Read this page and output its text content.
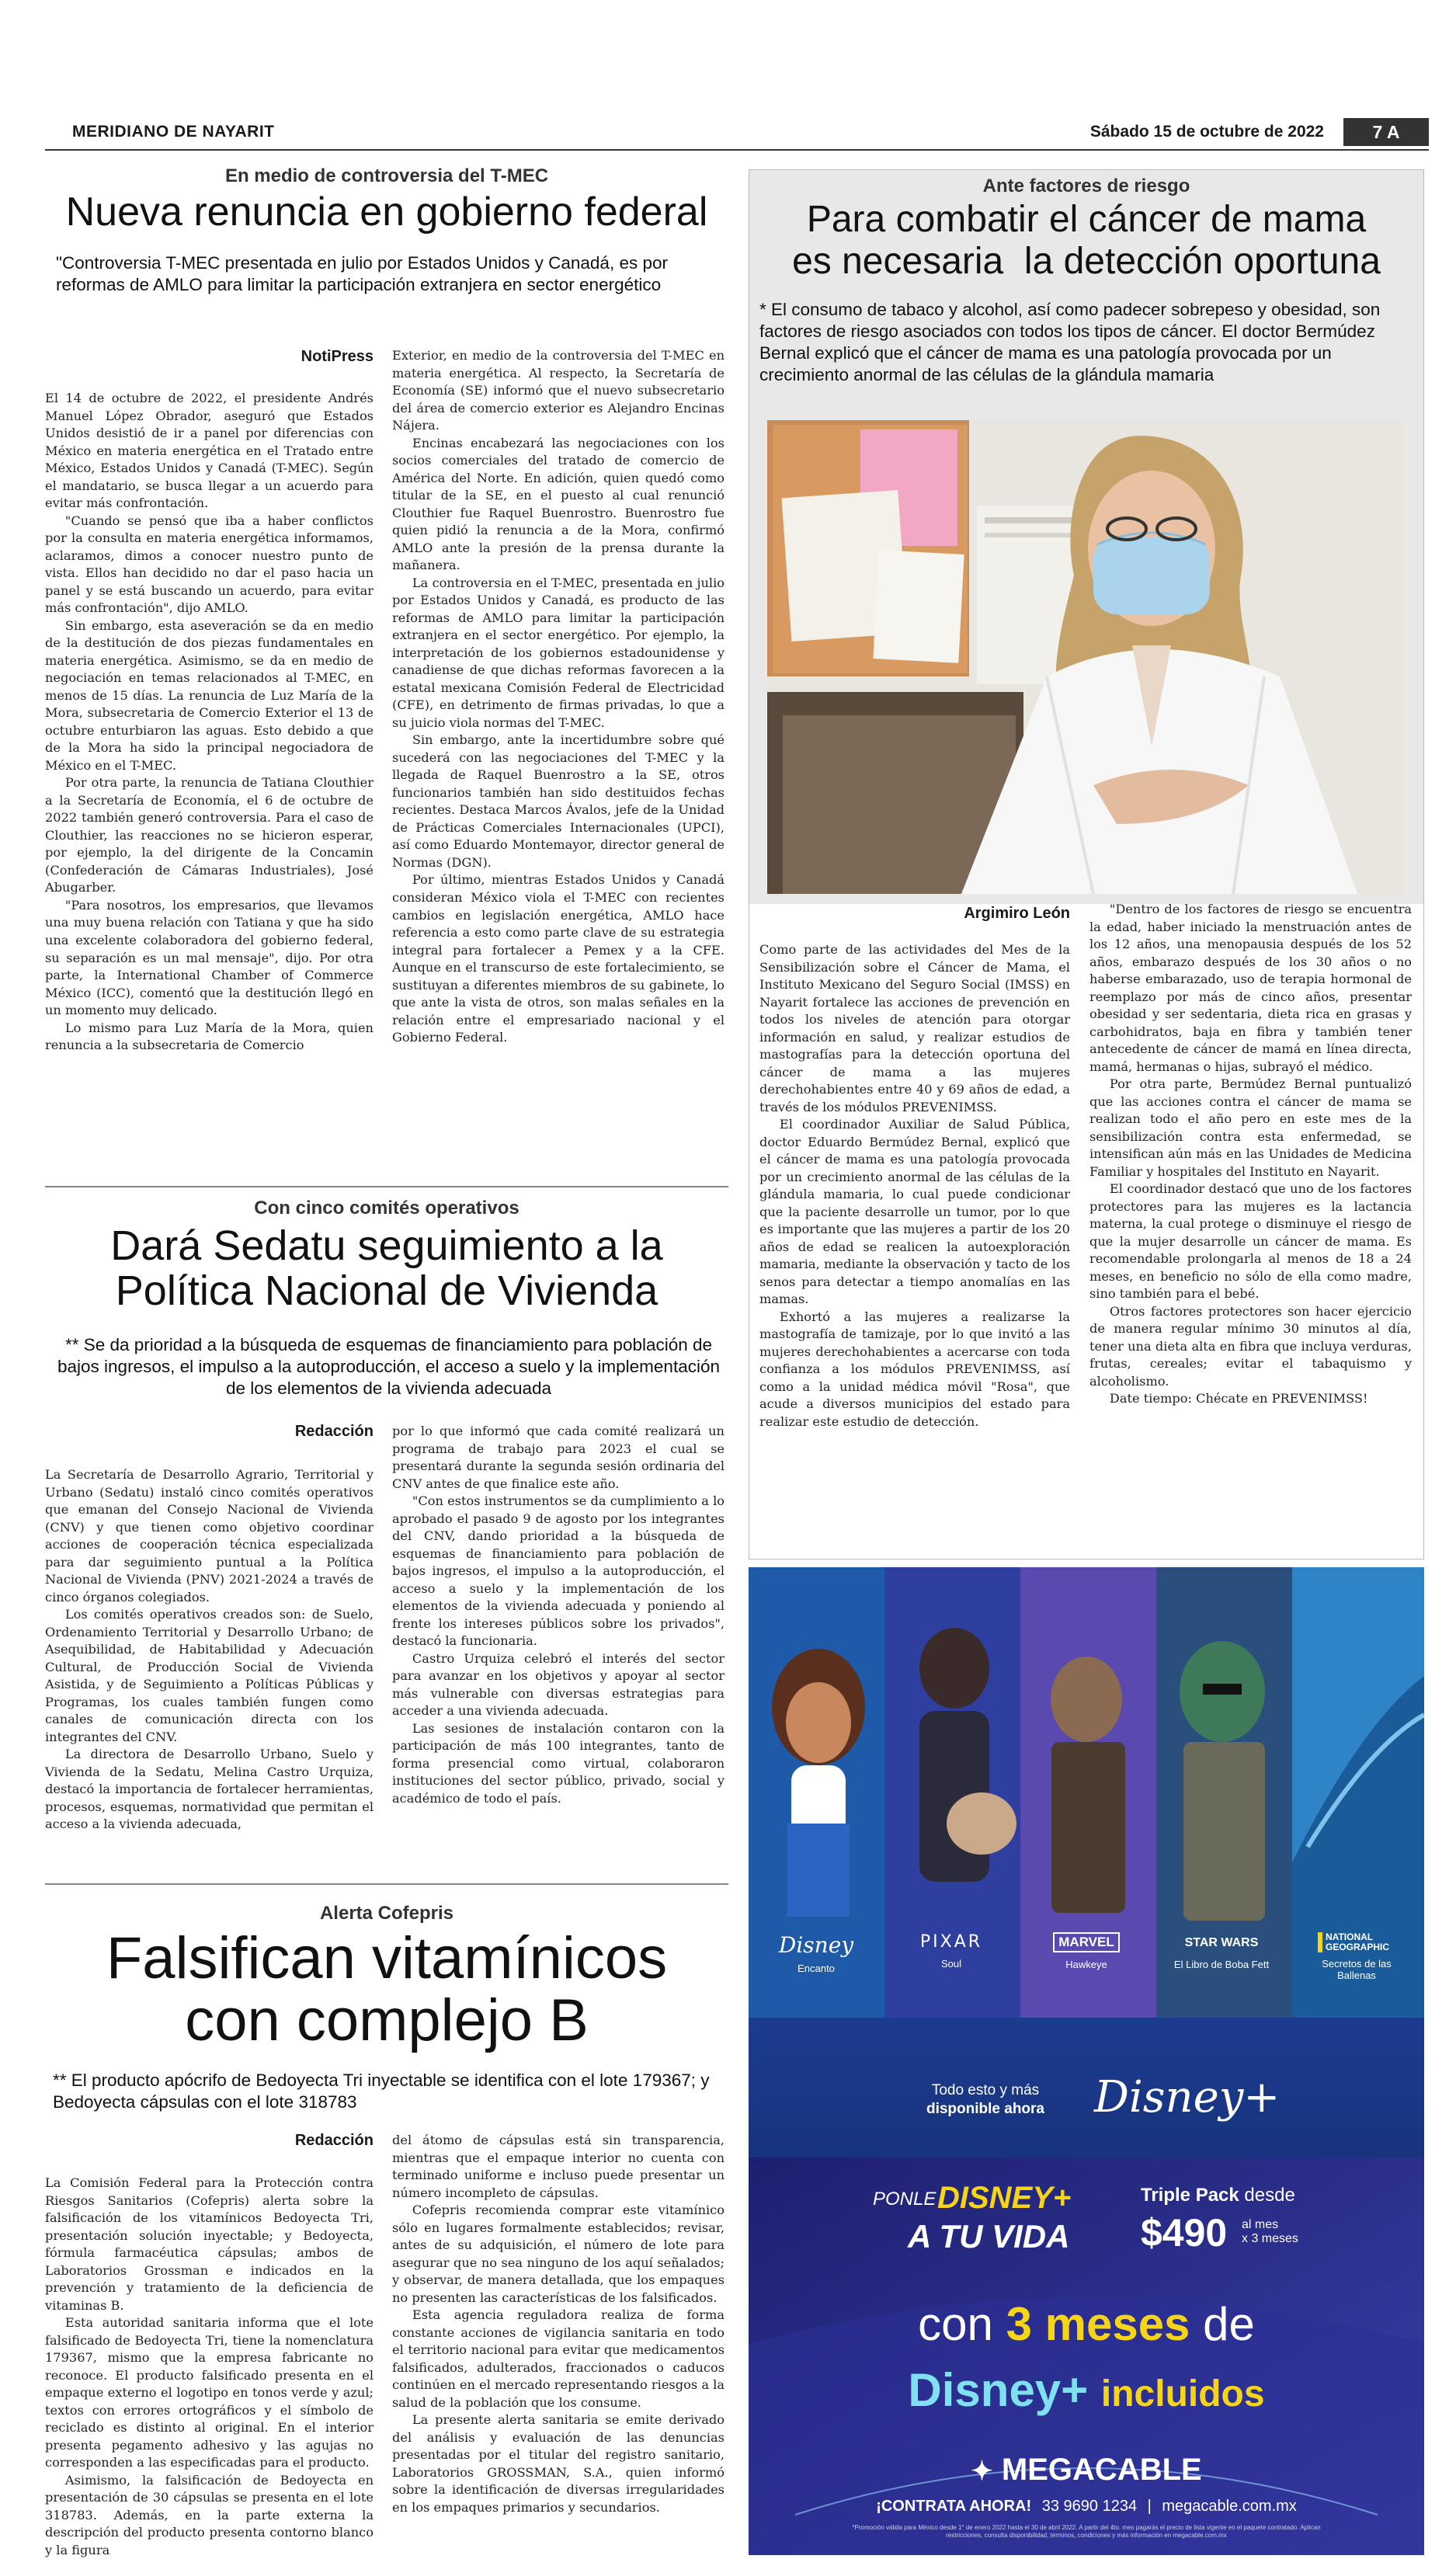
MERIDIANO DE NAYARIT	Sábado 15 de octubre de 2022	7 A
En medio de controversia del T-MEC
Nueva renuncia en gobierno federal
"Controversia T-MEC presentada en julio por Estados Unidos y Canadá, es por reformas de AMLO para limitar la participación extranjera en sector energético
NotiPress

El 14 de octubre de 2022, el presidente Andrés Manuel López Obrador, aseguró que Estados Unidos desistió de ir a panel por diferencias con México en materia energética en el Tratado entre México, Estados Unidos y Canadá (T-MEC). Según el mandatario, se busca llegar a un acuerdo para evitar más confrontación.

"Cuando se pensó que iba a haber conflictos por la consulta en materia energética informamos, aclaramos, dimos a conocer nuestro punto de vista. Ellos han decidido no dar el paso hacia un panel y se está buscando un acuerdo, para evitar más confrontación", dijo AMLO.

Sin embargo, esta aseveración se da en medio de la destitución de dos piezas fundamentales en materia energética. Asimismo, se da en medio de negociación en temas relacionados al T-MEC, en menos de 15 días. La renuncia de Luz María de la Mora, subsecretaria de Comercio Exterior el 13 de octubre enturbiaron las aguas. Esto debido a que de la Mora ha sido la principal negociadora de México en el T-MEC.

Por otra parte, la renuncia de Tatiana Clouthier a la Secretaría de Economía, el 6 de octubre de 2022 también generó controversia. Para el caso de Clouthier, las reacciones no se hicieron esperar, por ejemplo, la del dirigente de la Concamin (Confederación de Cámaras Industriales), José Abugarber.

"Para nosotros, los empresarios, que llevamos una muy buena relación con Tatiana y que ha sido una excelente colaboradora del gobierno federal, su separación es un mal mensaje", dijo. Por otra parte, la International Chamber of Commerce México (ICC), comentó que la destitución llegó en un momento muy delicado.

Lo mismo para Luz María de la Mora, quien renuncia a la subsecretaria de Comercio

Exterior, en medio de la controversia del T-MEC en materia energética. Al respecto, la Secretaría de Economía (SE) informó que el nuevo subsecretario del área de comercio exterior es Alejandro Encinas Nájera.

Encinas encabezará las negociaciones con los socios comerciales del tratado de comercio de América del Norte. En adición, quien quedó como titular de la SE, en el puesto al cual renunció Clouthier fue Raquel Buenrostro. Buenrostro fue quien pidió la renuncia a de la Mora, confirmó AMLO ante la presión de la prensa durante la mañanera.

La controversia en el T-MEC, presentada en julio por Estados Unidos y Canadá, es producto de las reformas de AMLO para limitar la participación extranjera en el sector energético. Por ejemplo, la interpretación de los gobiernos estadounidense y canadiense de que dichas reformas favorecen a la estatal mexicana Comisión Federal de Electricidad (CFE), en detrimento de firmas privadas, lo que a su juicio viola normas del T-MEC.

Sin embargo, ante la incertidumbre sobre qué sucederá con las negociaciones del T-MEC y la llegada de Raquel Buenrostro a la SE, otros funcionarios también han sido destituidos fechas recientes. Destaca Marcos Ávalos, jefe de la Unidad de Prácticas Comerciales Internacionales (UPCI), así como Eduardo Montemayor, director general de Normas (DGN).

Por último, mientras Estados Unidos y Canadá consideran México viola el T-MEC con recientes cambios en legislación energética, AMLO hace referencia a esto como parte clave de su estrategia integral para fortalecer a Pemex y a la CFE. Aunque en el transcurso de este fortalecimiento, se sustituyan a diferentes miembros de su gabinete, lo que ante la vista de otros, son malas señales en la relación entre el empresariado nacional y el Gobierno Federal.

Con cinco comités operativos
Dará Sedatu seguimiento a la Política Nacional de Vivienda
** Se da prioridad a la búsqueda de esquemas de financiamiento para población de bajos ingresos, el impulso a la autoproducción, el acceso a suelo y la implementación de los elementos de la vivienda adecuada
Redacción

La Secretaría de Desarrollo Agrario, Territorial y Urbano (Sedatu) instaló cinco comités operativos que emanan del Consejo Nacional de Vivienda (CNV) y que tienen como objetivo coordinar acciones de cooperación técnica especializada para dar seguimiento puntual a la Política Nacional de Vivienda (PNV) 2021-2024 a través de cinco órganos colegiados.

Los comités operativos creados son: de Suelo, Ordenamiento Territorial y Desarrollo Urbano; de Asequibilidad, de Habitabilidad y Adecuación Cultural, de Producción Social de Vivienda Asistida, y de Seguimiento a Políticas Públicas y Programas, los cuales también fungen como canales de comunicación directa con los integrantes del CNV.

La directora de Desarrollo Urbano, Suelo y Vivienda de la Sedatu, Melina Castro Urquiza, destacó la importancia de fortalecer herramientas, procesos, esquemas, normatividad que permitan el acceso a la vivienda adecuada,

por lo que informó que cada comité realizará un programa de trabajo para 2023 el cual se presentará durante la segunda sesión ordinaria del CNV antes de que finalice este año.

"Con estos instrumentos se da cumplimiento a lo aprobado el pasado 9 de agosto por los integrantes del CNV, dando prioridad a la búsqueda de esquemas de financiamiento para población de bajos ingresos, el impulso a la autoproducción, el acceso a suelo y la implementación de los elementos de la vivienda adecuada y poniendo al frente los intereses públicos sobre los privados", destacó la funcionaria.

Castro Urquiza celebró el interés del sector para avanzar en los objetivos y apoyar al sector más vulnerable con diversas estrategias para acceder a una vivienda adecuada.

Las sesiones de instalación contaron con la participación de más 100 integrantes, tanto de forma presencial como virtual, colaboraron instituciones del sector público, privado, social y académico de todo el país.

Alerta Cofepris
Falsifican vitamínicos
con complejo B
** El producto apócrifo de Bedoyecta Tri inyectable se identifica con el lote 179367; y Bedoyecta cápsulas con el lote 318783
Redacción

La Comisión Federal para la Protección contra Riesgos Sanitarios (Cofepris) alerta sobre la falsificación de los vitamínicos Bedoyecta Tri, presentación solución inyectable; y Bedoyecta, fórmula farmacéutica cápsulas; ambos de Laboratorios Grossman e indicados en la prevención y tratamiento de la deficiencia de vitaminas B.

Esta autoridad sanitaria informa que el lote falsificado de Bedoyecta Tri, tiene la nomenclatura 179367, mismo que la empresa fabricante no reconoce. El producto falsificado presenta en el empaque externo el logotipo en tonos verde y azul; textos con errores ortográficos y el símbolo de reciclado es distinto al original. En el interior presenta pegamento adhesivo y las agujas no corresponden a las especificadas para el producto.

Asimismo, la falsificación de Bedoyecta en presentación de 30 cápsulas se presenta en el lote 318783. Además, en la parte externa la descripción del producto presenta contorno blanco y la figura

del átomo de cápsulas está sin transparencia, mientras que el empaque interior no cuenta con terminado uniforme e incluso puede presentar un número incompleto de cápsulas.

Cofepris recomienda comprar este vitamínico sólo en lugares formalmente establecidos; revisar, antes de su adquisición, el número de lote para asegurar que no sea ninguno de los aquí señalados; y observar, de manera detallada, que los empaques no presenten las características de los falsificados.

Esta agencia reguladora realiza de forma constante acciones de vigilancia sanitaria en todo el territorio nacional para evitar que medicamentos falsificados, adulterados, fraccionados o caducos continúen en el mercado representando riesgos a la salud de la población que los consume.

La presente alerta sanitaria se emite derivado del análisis y evaluación de las denuncias presentadas por el titular del registro sanitario, Laboratorios GROSSMAN, S.A., quien informó sobre la identificación de diversas irregularidades en los empaques primarios y secundarios.

Ante factores de riesgo
Para combatir el cáncer de mama
es necesaria  la detección oportuna
* El consumo de tabaco y alcohol, así como padecer sobrepeso y obesidad, son factores de riesgo asociados con todos los tipos de cáncer. El doctor Bermúdez Bernal explicó que el cáncer de mama es una patología provocada por un crecimiento anormal de las células de la glándula mamaria
Argimiro León

Como parte de las actividades del Mes de la Sensibilización sobre el Cáncer de Mama, el Instituto Mexicano del Seguro Social (IMSS) en Nayarit fortalece las acciones de prevención en todos los niveles de atención para otorgar información en salud, y realizar estudios de mastografías para la detección oportuna del cáncer de mama a las mujeres derechohabientes entre 40 y 69 años de edad, a través de los módulos PREVENIMSS.

El coordinador Auxiliar de Salud Pública, doctor Eduardo Bermúdez Bernal, explicó que el cáncer de mama es una patología provocada por un crecimiento anormal de las células de la glándula mamaria, lo cual puede condicionar que la paciente desarrolle un tumor, por lo que es importante que las mujeres a partir de los 20 años de edad se realicen la autoexploración mamaria, mediante la observación y tacto de los senos para detectar a tiempo anomalías en las mamas.

Exhortó a las mujeres a realizarse la mastografía de tamizaje, por lo que invitó a las mujeres derechohabientes a acercarse con toda confianza a los módulos PREVENIMSS, así como a la unidad médica móvil "Rosa", que acude a diversos municipios del estado para realizar este estudio de detección.

"Dentro de los factores de riesgo se encuentra la edad, haber iniciado la menstruación antes de los 12 años, una menopausia después de los 52 años, embarazo después de los 30 años o no haberse embarazado, uso de terapia hormonal de reemplazo por más de cinco años, presentar obesidad y ser sedentaria, dieta rica en grasas y carbohidratos, baja en fibra y también tener antecedente de cáncer de mamá en línea directa, mamá, hermanas o hijas, subrayó el médico.

Por otra parte, Bermúdez Bernal puntualizó que las acciones contra el cáncer de mama se realizan todo el año pero en este mes de la sensibilización contra esta enfermedad, se intensifican aún más en las Unidades de Medicina Familiar y hospitales del Instituto en Nayarit.

El coordinador destacó que uno de los factores protectores para las mujeres es la lactancia materna, la cual protege o disminuye el riesgo de que la mujer desarrolle un cáncer de mama. Es recomendable prolongarla al menos de 18 a 24 meses, en beneficio no sólo de ella como madre, sino también para el bebé.

Otros factores protectores son hacer ejercicio de manera regular mínimo 30 minutos al día, tener una dieta alta en fibra que incluya verduras, frutas, cereales; evitar el tabaquismo y alcoholismo.

Date tiempo: Chécate en PREVENIMSS!

Disney
Encanto
PIXAR
Soul
MARVEL
Hawkeye
STAR WARS
El Libro de Boba Fett
NATIONAL GEOGRAPHIC
Secretos de las Ballenas
Todo esto y más
disponible ahora	Disney+
PONLE DISNEY+
A TU VIDA
Triple Pack desde
$490 al mes
x 3 meses
con 3 meses de
Disney+ incluidos
✦ MEGACABLE
¡CONTRATA AHORA! 33 9690 1234 | megacable.com.mx
*Promoción válida para México desde 1° de enero 2022 hasta el 30 de abril 2022. A partir del 4to. mes pagarás el precio de lista vigente en el paquete contratado. Aplican restricciones, consulta disponibilidad, términos, condiciones y más información en megacable.com.mx
